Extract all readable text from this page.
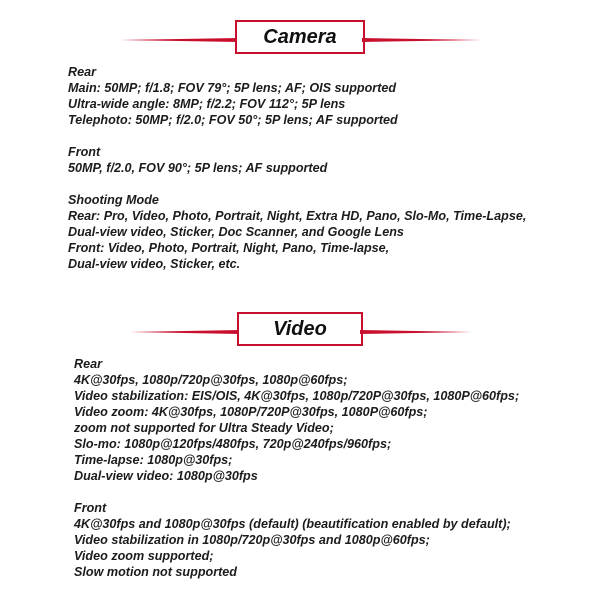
Camera
Rear
Main: 50MP; f/1.8; FOV 79°; 5P lens; AF; OIS supported
Ultra-wide angle: 8MP; f/2.2; FOV 112°; 5P lens
Telephoto: 50MP; f/2.0; FOV 50°; 5P lens; AF supported
Front
50MP, f/2.0, FOV 90°; 5P lens; AF supported
Shooting Mode
Rear: Pro, Video, Photo, Portrait, Night, Extra HD, Pano, Slo-Mo, Time-Lapse,
Dual-view video, Sticker, Doc Scanner, and Google Lens
Front: Video, Photo, Portrait, Night, Pano, Time-lapse,
Dual-view video, Sticker, etc.
Video
Rear
4K@30fps, 1080p/720p@30fps, 1080p@60fps;
Video stabilization: EIS/OIS, 4K@30fps, 1080p/720P@30fps, 1080P@60fps;
Video zoom: 4K@30fps, 1080P/720P@30fps, 1080P@60fps;
zoom not supported for Ultra Steady Video;
Slo-mo: 1080p@120fps/480fps, 720p@240fps/960fps;
Time-lapse: 1080p@30fps;
Dual-view video: 1080p@30fps
Front
4K@30fps and 1080p@30fps (default) (beautification enabled by default);
Video stabilization in 1080p/720p@30fps and 1080p@60fps;
Video zoom supported;
Slow motion not supported
